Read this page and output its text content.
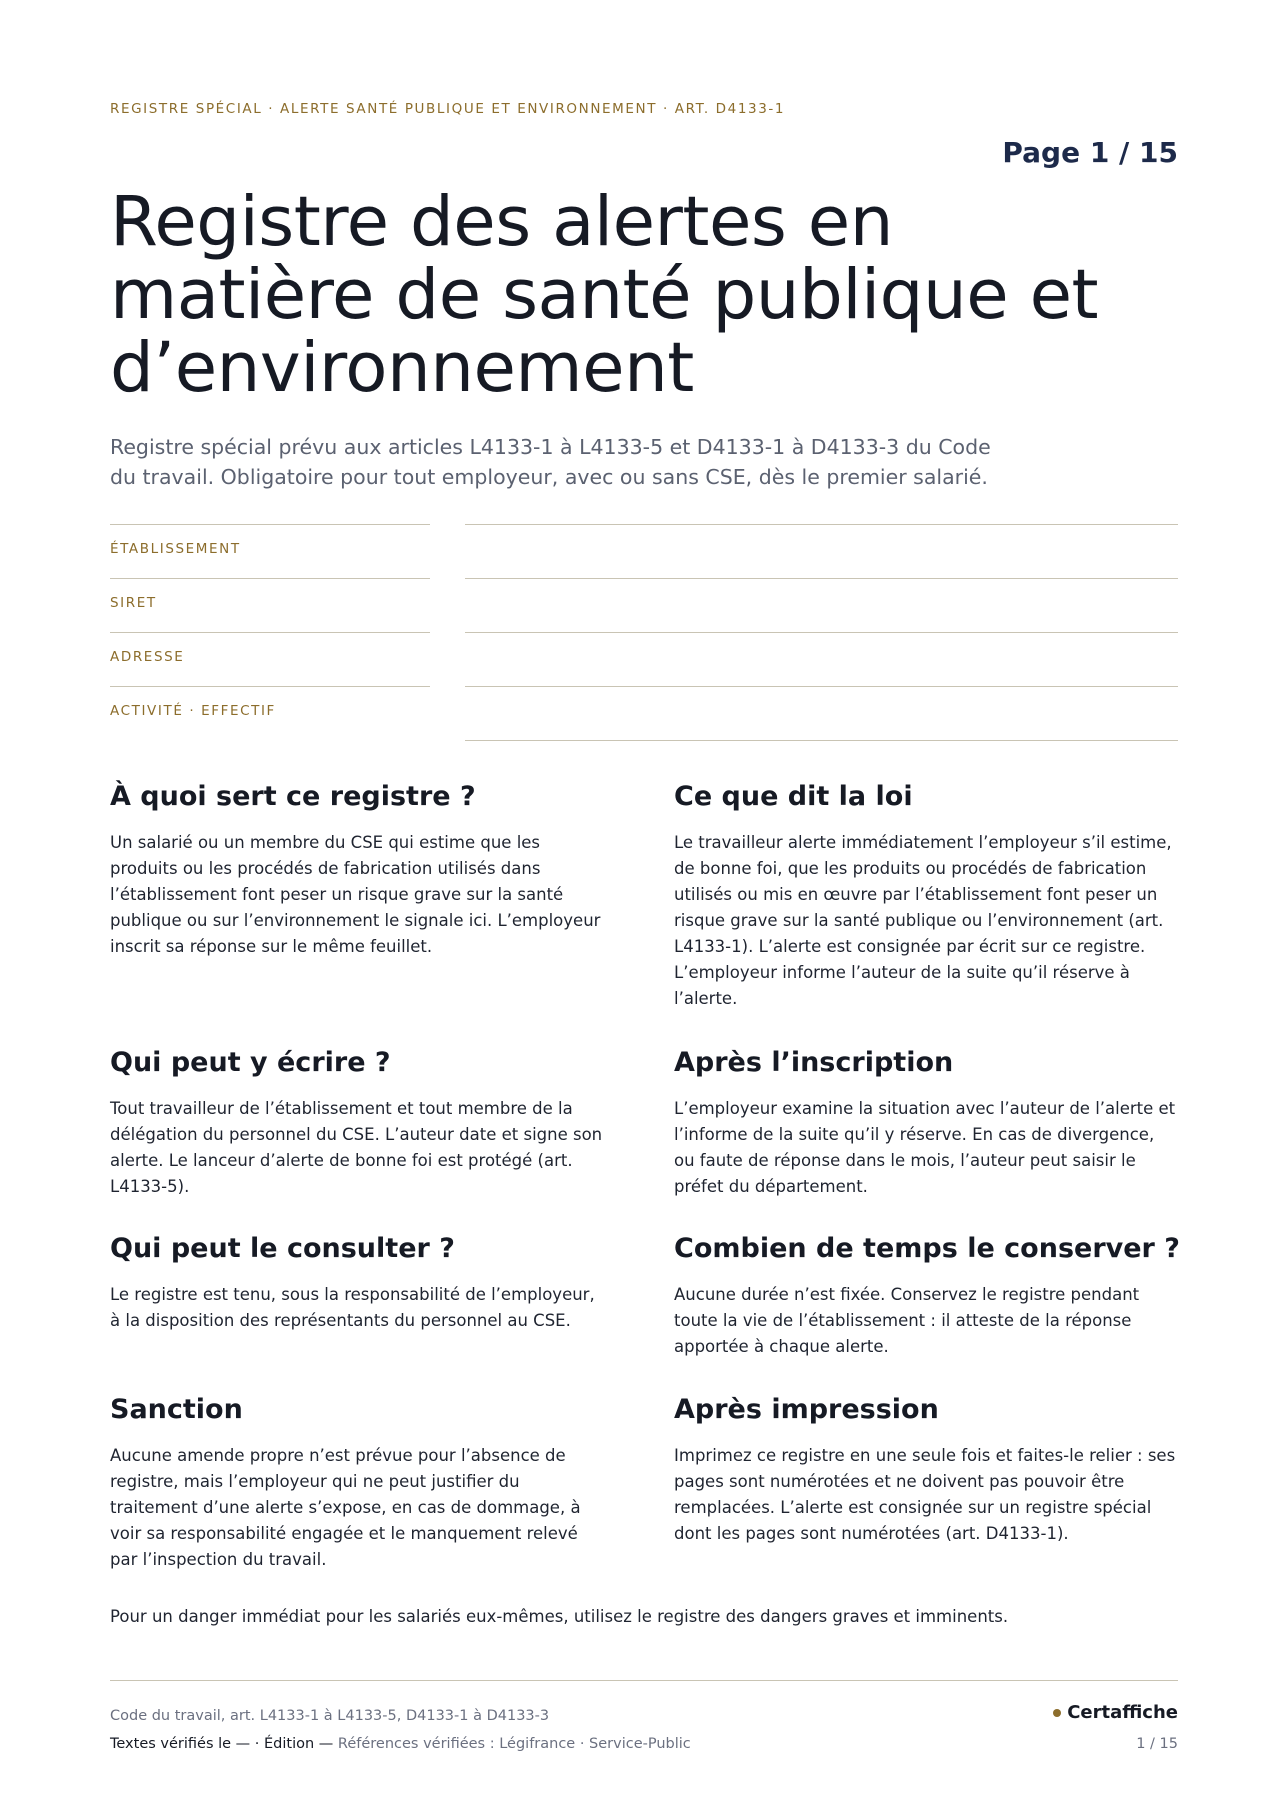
REGISTRE SPÉCIAL · ALERTE SANTÉ PUBLIQUE ET ENVIRONNEMENT · ART. D4133-1
Page 1 / 15
Registre des alertes en matière de santé publique et d’environnement

Registre spécial prévu aux articles L4133-1 à L4133-5 et D4133-1 à D4133-3 du Code du travail. Obligatoire pour tout employeur, avec ou sans CSE, dès le premier salarié.

ÉTABLISSEMENT
SIRET
ADRESSE
ACTIVITÉ · EFFECTIF
À quoi sert ce registre ?

Un salarié ou un membre du CSE qui estime que les produits ou les procédés de fabrication utilisés dans l’établissement font peser un risque grave sur la santé publique ou sur l’environnement le signale ici. L’employeur inscrit sa réponse sur le même feuillet.

Ce que dit la loi

Le travailleur alerte immédiatement l’employeur s’il estime, de bonne foi, que les produits ou procédés de fabrication utilisés ou mis en œuvre par l’établissement font peser un risque grave sur la santé publique ou l’environnement (art. L4133-1). L’alerte est consignée par écrit sur ce registre. L’employeur informe l’auteur de la suite qu’il réserve à l’alerte.

Qui peut y écrire ?

Tout travailleur de l’établissement et tout membre de la délégation du personnel du CSE. L’auteur date et signe son alerte. Le lanceur d’alerte de bonne foi est protégé (art. L4133-5).

Après l’inscription

L’employeur examine la situation avec l’auteur de l’alerte et l’informe de la suite qu’il y réserve. En cas de divergence, ou faute de réponse dans le mois, l’auteur peut saisir le préfet du département.

Qui peut le consulter ?

Le registre est tenu, sous la responsabilité de l’employeur, à la disposition des représentants du personnel au CSE.

Combien de temps le conserver ?

Aucune durée n’est fixée. Conservez le registre pendant toute la vie de l’établissement : il atteste de la réponse apportée à chaque alerte.

Sanction

Aucune amende propre n’est prévue pour l’absence de registre, mais l’employeur qui ne peut justifier du traitement d’une alerte s’expose, en cas de dommage, à voir sa responsabilité engagée et le manquement relevé par l’inspection du travail.

Après impression

Imprimez ce registre en une seule fois et faites-le relier : ses pages sont numérotées et ne doivent pas pouvoir être remplacées. L’alerte est consignée sur un registre spécial dont les pages sont numérotées (art. D4133-1).

Pour un danger immédiat pour les salariés eux-mêmes, utilisez le registre des dangers graves et imminents.

Code du travail, art. L4133-1 à L4133-5, D4133-1 à D4133-3
Textes vérifiés le — · Édition — Références vérifiées : Légifrance · Service-Public
Certaffiche
1 / 15
